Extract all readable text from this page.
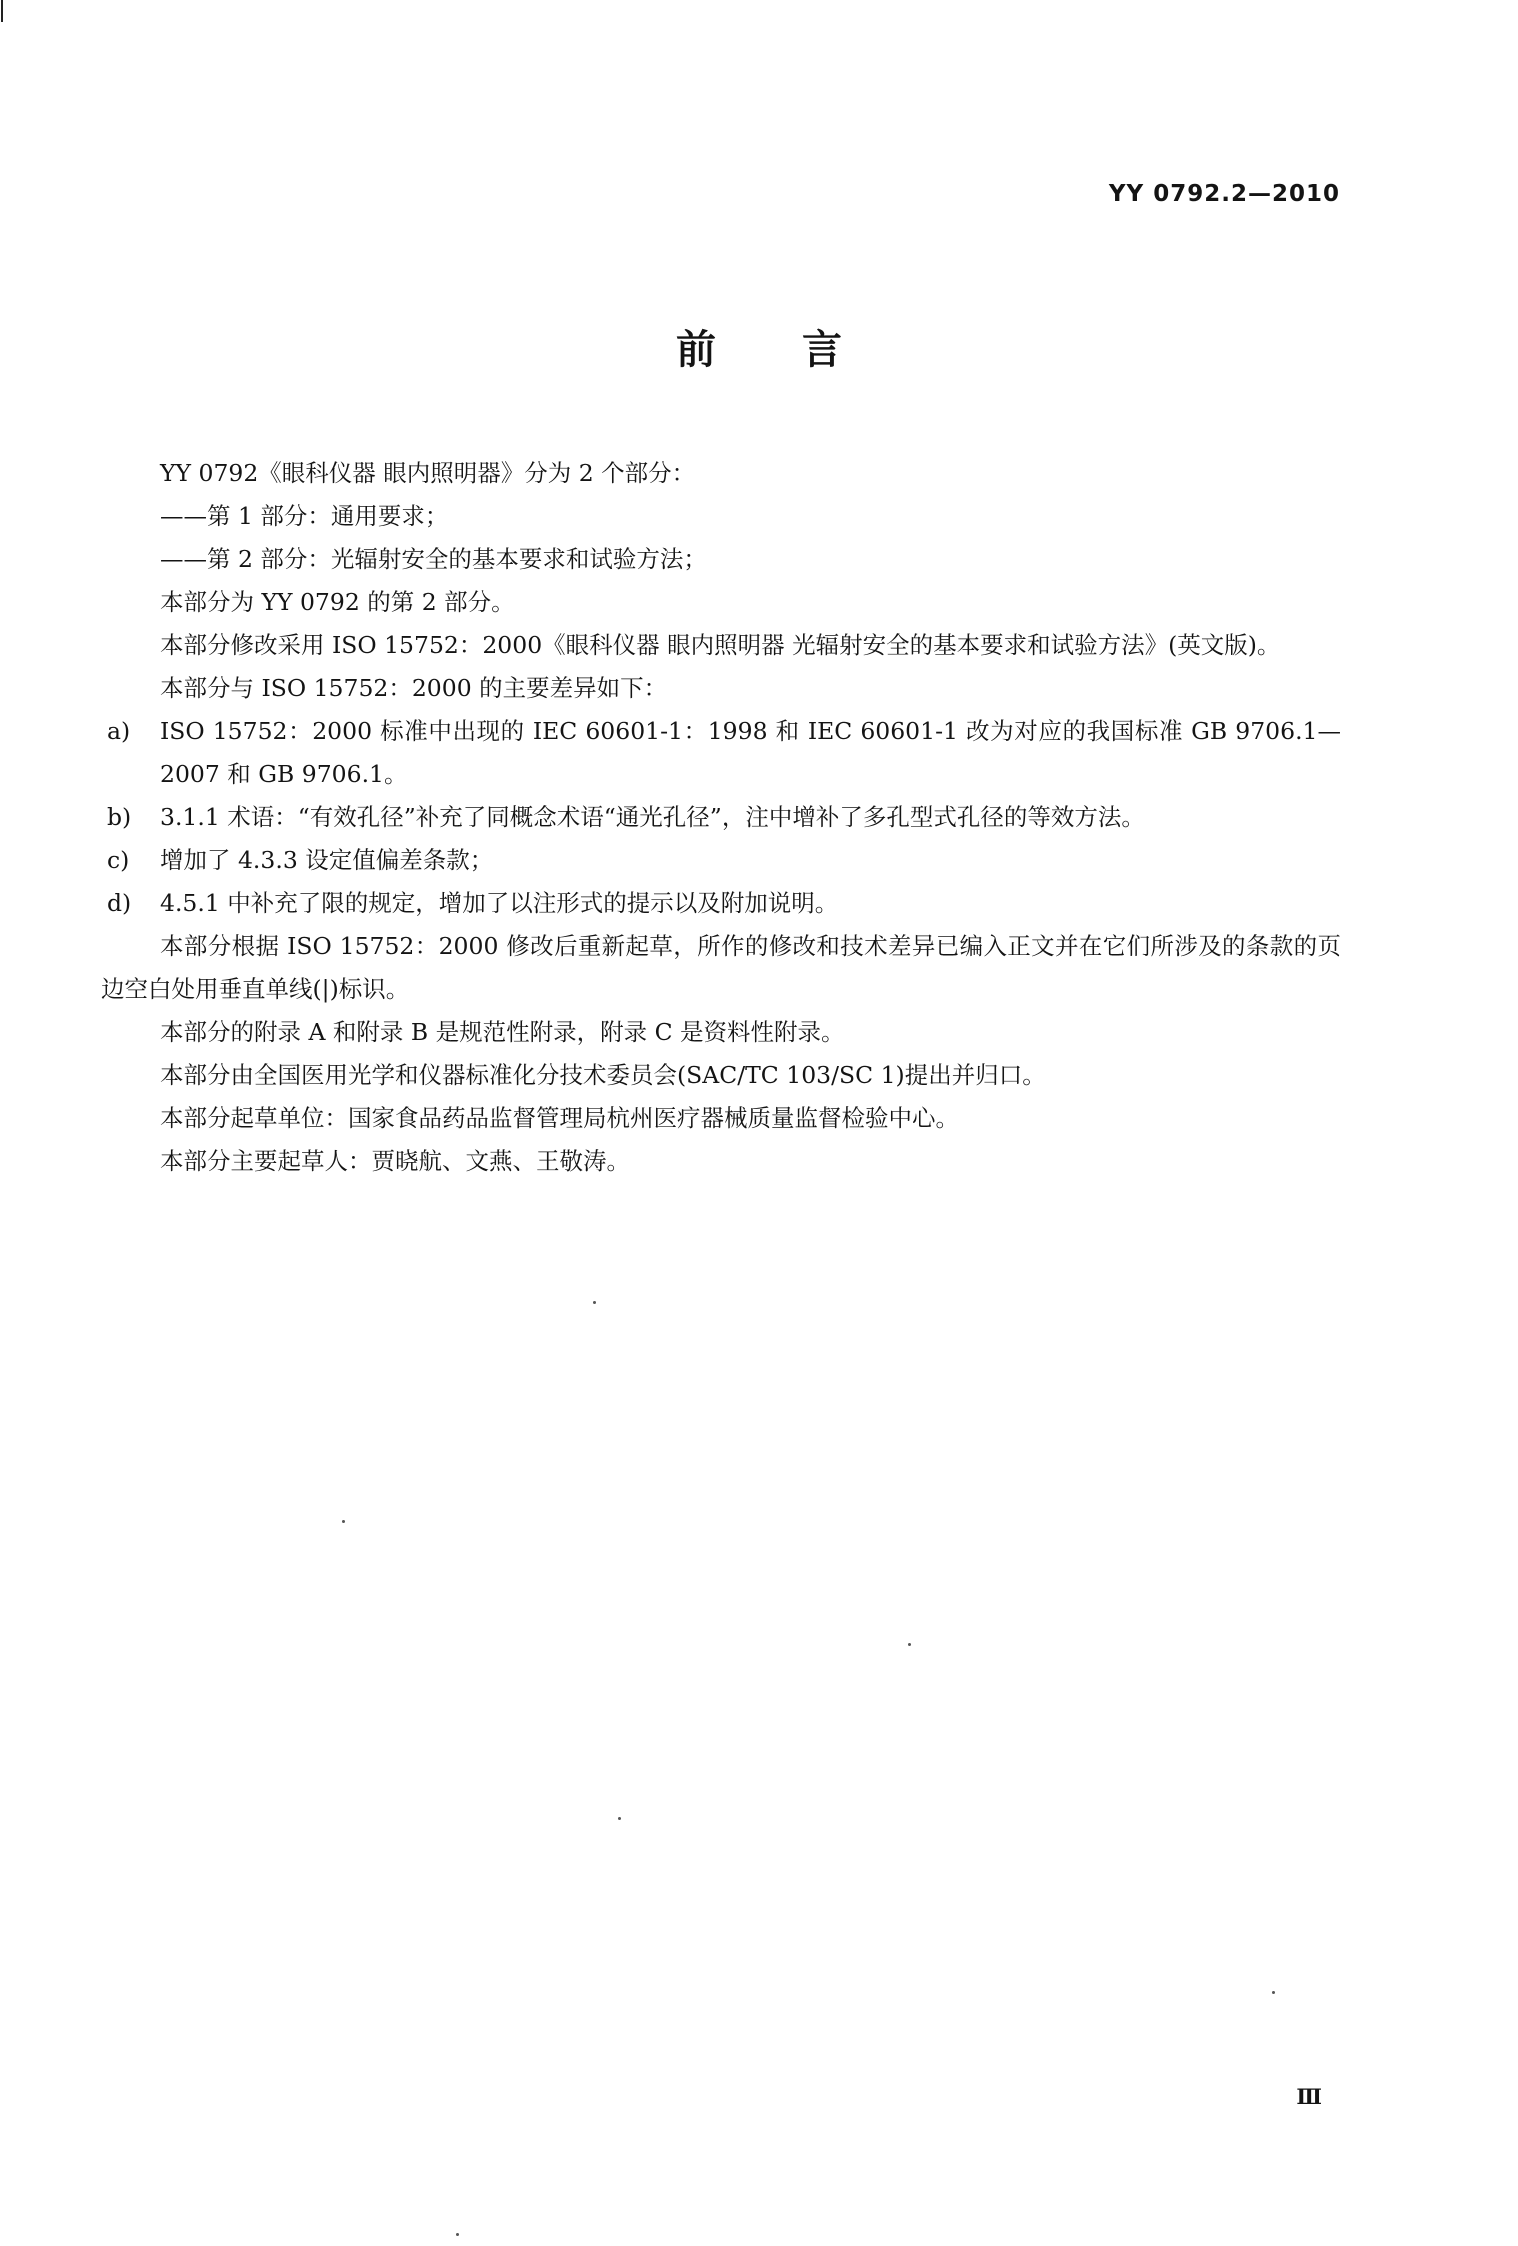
YY 0792.2—2010
前言

YY 0792《眼科仪器 眼内照明器》分为 2 个部分：

——第 1 部分：通用要求；

——第 2 部分：光辐射安全的基本要求和试验方法；

本部分为 YY 0792 的第 2 部分。

本部分修改采用 ISO 15752：2000《眼科仪器 眼内照明器 光辐射安全的基本要求和试验方法》(英文版)。

本部分与 ISO 15752：2000 的主要差异如下：

a)	ISO 15752：2000 标准中出现的 IEC 60601-1：1998 和 IEC 60601-1 改为对应的我国标准 GB 9706.1—2007 和 GB 9706.1。
b)	3.1.1 术语：“有效孔径”补充了同概念术语“通光孔径”，注中增补了多孔型式孔径的等效方法。
c)	增加了 4.3.3 设定值偏差条款；
d)	4.5.1 中补充了限的规定，增加了以注形式的提示以及附加说明。

本部分根据 ISO 15752：2000 修改后重新起草，所作的修改和技术差异已编入正文并在它们所涉及的条款的页边空白处用垂直单线(|)标识。

本部分的附录 A 和附录 B 是规范性附录，附录 C 是资料性附录。

本部分由全国医用光学和仪器标准化分技术委员会(SAC/TC 103/SC 1)提出并归口。

本部分起草单位：国家食品药品监督管理局杭州医疗器械质量监督检验中心。

本部分主要起草人：贾晓航、文燕、王敬涛。

Ⅲ
